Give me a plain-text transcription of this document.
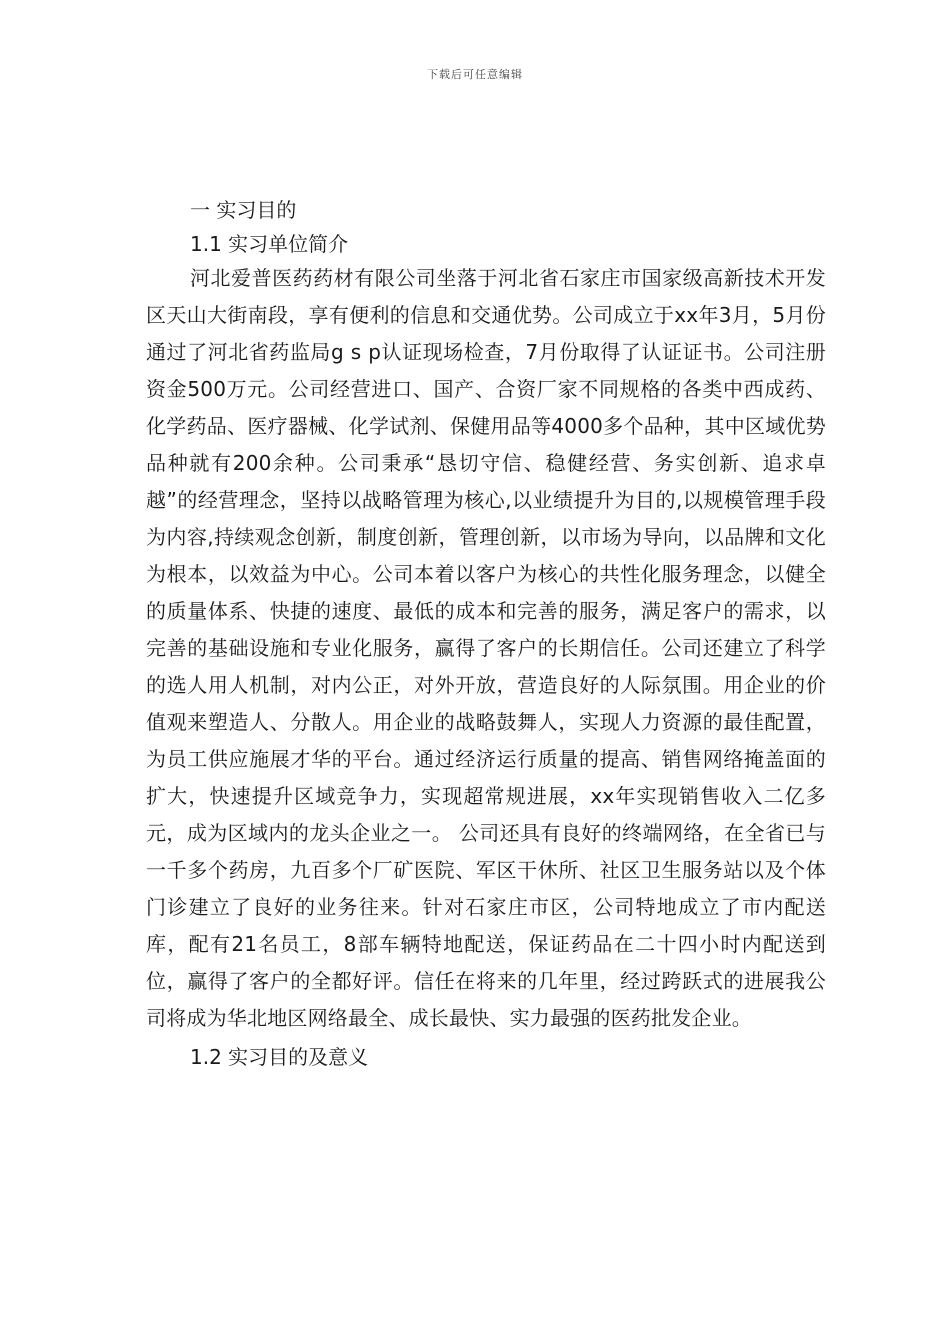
下载后可任意编辑

一 实习目的

1.1 实习单位简介

河北爱普医药药材有限公司坐落于河北省石家庄市国家级高新技术开发区天山大街南段，享有便利的信息和交通优势。公司成立于xx年3月，5月份通过了河北省药监局g s p认证现场检查，7月份取得了认证证书。公司注册资金500万元。公司经营进口、国产、合资厂家不同规格的各类中西成药、化学药品、医疗器械、化学试剂、保健用品等4000多个品种，其中区域优势品种就有200余种。公司秉承“恳切守信、稳健经营、务实创新、追求卓越”的经营理念，坚持以战略管理为核心,以业绩提升为目的,以规模管理手段为内容,持续观念创新，制度创新，管理创新，以市场为导向，以品牌和文化为根本，以效益为中心。公司本着以客户为核心的共性化服务理念，以健全的质量体系、快捷的速度、最低的成本和完善的服务，满足客户的需求，以完善的基础设施和专业化服务，赢得了客户的长期信任。公司还建立了科学的选人用人机制，对内公正，对外开放，营造良好的人际氛围。用企业的价值观来塑造人、分散人。用企业的战略鼓舞人，实现人力资源的最佳配置，为员工供应施展才华的平台。通过经济运行质量的提高、销售网络掩盖面的扩大，快速提升区域竞争力，实现超常规进展，xx年实现销售收入二亿多元，成为区域内的龙头企业之一。 公司还具有良好的终端网络，在全省已与一千多个药房，九百多个厂矿医院、军区干休所、社区卫生服务站以及个体门诊建立了良好的业务往来。针对石家庄市区，公司特地成立了市内配送库，配有21名员工，8部车辆特地配送，保证药品在二十四小时内配送到位，赢得了客户的全都好评。信任在将来的几年里，经过跨跃式的进展我公司将成为华北地区网络最全、成长最快、实力最强的医药批发企业。

1.2 实习目的及意义
